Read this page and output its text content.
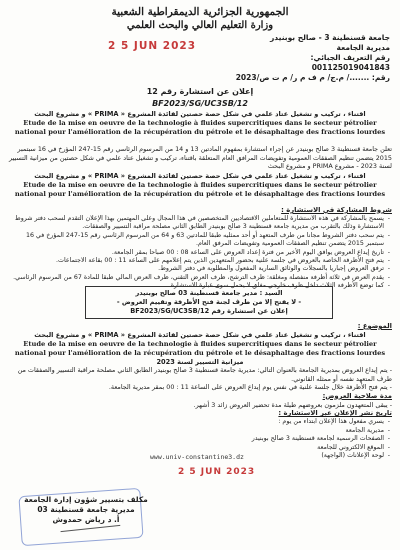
الجمهورية الجزائرية الديمقراطية الشعبية
وزارة التعليم العالي والبحث العلمي
2 5 JUN 2023
جامعة قسنطينة 3 - صالح بوبنيدر
مديرية الجامعة
رقم التعريف الجبائي:
001125019041843
رقم: ......./ م.ج/ م ف م ر/ م ت ص/2023
إعلان عن استشارة رقم 12
BF2023/SG/UC3SB/12
اقتناء ، تركيب و تشغيل عتاد علمي في شكل حصة حصتين لفائدة المشروع « PRIMA » و مشروع البحث
Etude de la mise en oeuvre de la technologie à fluides supercritiques dans le secteur pétrolier national pour l'amélioration de la récupération du pétrole et le désaphaltage des fractions lourdes
تعلن جامعة قسنطينة 3 صالح بوبنيدر عن إجراء استشارة بمفهوم المادتين 13 و 14 من المرسوم الرئاسي رقم 15-247 المؤرخ في 16 سبتمبر 2015 يتضمن تنظيم الصفقات العمومية وتفويضات المرافق العام المتعلقة باقتناء، تركيب و تشغيل عتاد علمي في شكل حصتين من ميزانية التسيير لسنة 2023 - مشروع PRIMA و مشروع البحث
اقتناء ، تركيب و تشغيل عتاد علمي في شكل حصة حصتين لفائدة المشروع « PRIMA » و مشروع البحث
Etude de la mise en oeuvre de la technologie à fluides supercritiques dans le secteur pétrolier national pour l'amélioration de la récupération du pétrole et le désaphaltage des fractions lourdes
شروط المشاركة في الاستشارة :
- يسمح بالمشاركة في هذه الاستشارة للمتعاملين الاقتصاديين المتخصصين في هذا المجال وعلى المهتمين بهذا الإعلان التقدم لسحب دفتر شروط الاستشارة وذلك بالتقرب من مديرية جامعة قسنطينة 3 صالح بوبنيدر الطابق الثاني مصلحة مراقبة التسيير والصفقات.
- يتم سحب دفتر الشروط مجانا من طرف المتعهد أو أحد ممثليه طبقا للمادتين 63 و 64 من المرسوم الرئاسي رقم 15-247 المؤرخ في 16 سبتمبر 2015 يتضمن تنظيم الصفقات العمومية وتفويضات المرفق العام.
- تاريخ إيداع العروض يوافق اليوم الأخير من فترة إعداد العروض على الساعة 08 : 00 صباحا بمقر الجامعة.
- يتم فتح الأظرفة الخاصة بالعروض في جلسة علنية بحضور المتعهدين الذين يتم إعلامهم على الساعة 11 : 00 بقاعة الاجتماعات.
- ترفق العروض إجباريا بالسجلات والوثائق السارية المفعول والمطلوبة في دفتر الشروط.
- يقدم العرض في ثلاثة أظرفة منفصلة ومغلقة: ظرف الترشح، ظرف العرض التقني، ظرف العرض المالي طبقا للمادة 67 من المرسوم الرئاسي.
- كما توضع الأظرفة الثلاث داخل ظرف خارجي مغلق لا يحمل سوى عبارة الاستشارة.
السيد : مدير جامعة قسنطينة 03 صالح بوبنيدر
- لا يفتح إلا من طرف لجنة فتح الأظرفة وتقييم العروض -
إعلان عن استشارة رقم BF2023/SG/UC3SB/12
الموضوع :
اقتناء ، تركيب و تشغيل عتاد علمي في شكل حصة حصتين لفائدة المشروع « PRIMA » و مشروع البحث
Etude de la mise en oeuvre de la technologie à fluides supercritiques dans le secteur pétrolier national pour l'amélioration de la récupération du pétrole et le désaphaltage des fractions lourdes
ميزانية التسيير لسنة 2023
- يتم إيداع العروض بمديرية الجامعة بالعنوان التالي: مديرية جامعة قسنطينة 3 صالح بوبنيدر الطابق الثاني مصلحة مراقبة التسيير والصفقات من طرف المتعهد نفسه أو ممثله القانوني.
- يتم فتح الأظرفة خلال جلسة علنية في نفس يوم إيداع العروض على الساعة 11 : 00 بمقر مديرية الجامعة.
مدة صلاحية العروض:
- يبقى المتعهدون ملزمون بعروضهم طيلة مدة تحضير العروض زائد 3 أشهر.
تاريخ نشر الإعلان عبر الاستشارة :
- يسري مفعول هذا الإعلان ابتداء من يوم :
- مديرية الجامعة
- الصفحات الرسمية لجامعة قسنطينة 3 صالح بوبنيدر
- الموقع الالكتروني للجامعة
- لوحة الإعلانات (الواجهة)
2 5 JUN 2023
www.univ-constantine3.dz
مكلف بتسيير شؤون إدارة الجامعة
مديرية جامعة قسنطينة 03
أ. د رياض حمدوش
